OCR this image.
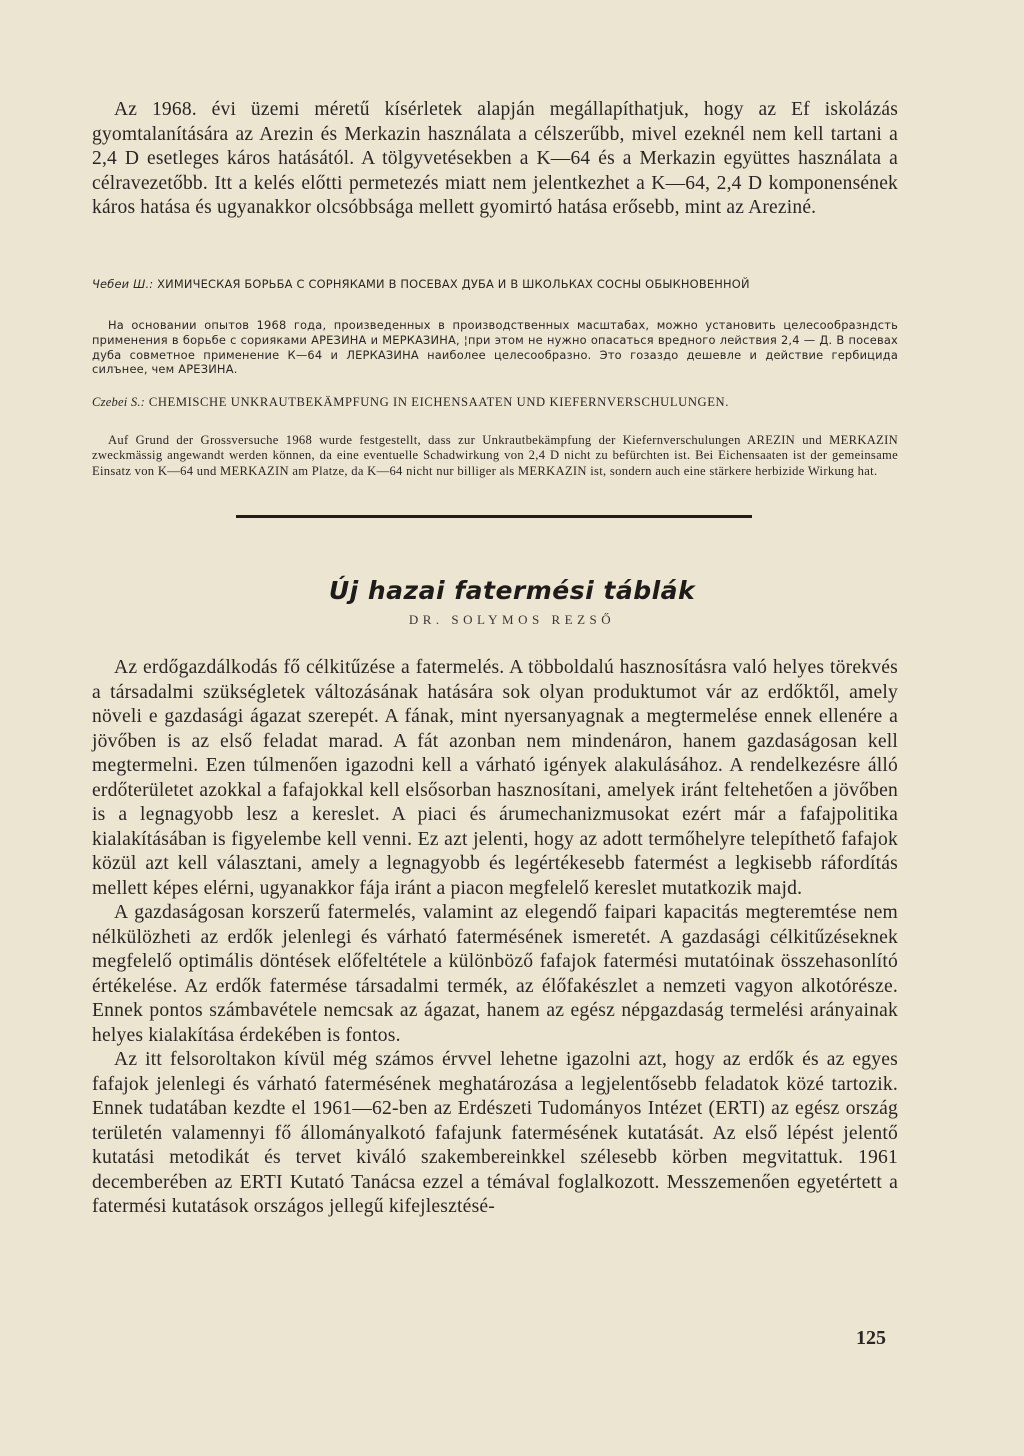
Az 1968. évi üzemi méretű kísérletek alapján megállapíthatjuk, hogy az Ef iskolázás gyomtalanítására az Arezin és Merkazin használata a célszerűbb, mivel ezeknél nem kell tartani a 2,4 D esetleges káros hatásától. A tölgyvetésekben a K—64 és a Merkazin együttes használata a célravezetőbb. Itt a kelés előtti permetezés miatt nem jelentkezhet a K—64, 2,4 D komponensének káros hatása és ugyanakkor olcsóbbsága mellett gyomirtó hatása erősebb, mint az Areziné.

Чебеи Ш.: ХИМИЧЕСКАЯ БОРЬБА С СОРНЯКАМИ В ПОСЕВАХ ДУБА И В ШКОЛЬКАХ СОСНЫ ОБЫКНОВЕННОЙ

На основании опытов 1968 года, произведенных в производственных масштабах, можно установить целесообразндсть пpименения в борьбе с сорияками АРЕЗИНА и МЕРКАЗИНА, ¦при этом не нужно опасаться вредного лействия 2,4 — Д. В посевах дуба совметное применение К—64 и ЛЕРКАЗИНА наиболее целесообразно. Это гозаздо дешевле и действие гербицида силънее, чем АРЕЗИНА.

Czebei S.: CHEMISCHE UNKRAUTBEKÄMPFUNG IN EICHENSAATEN UND KIEFERNVERSCHULUNGEN.

Auf Grund der Grossversuche 1968 wurde festgestellt, dass zur Unkrautbekämpfung der Kiefernverschulungen AREZIN und MERKAZIN zweckmässig angewandt werden können, da eine eventuelle Schadwirkung von 2,4 D nicht zu befürchten ist. Bei Eichensaaten ist der gemeinsame Einsatz von K—64 und MERKAZIN am Platze, da K—64 nicht nur billiger als MERKAZIN ist, sondern auch eine stärkere herbizide Wirkung hat.

Új hazai fatermési táblák
DR. SOLYMOS REZSŐ

Az erdőgazdálkodás fő célkitűzése a fatermelés. A többoldalú hasznosításra való helyes törekvés a társadalmi szükségletek változásának hatására sok olyan produktumot vár az erdőktől, amely növeli e gazdasági ágazat szerepét. A fának, mint nyersanyagnak a megtermelése ennek ellenére a jövőben is az első feladat marad. A fát azonban nem mindenáron, hanem gazdaságosan kell megtermelni. Ezen túlmenően igazodni kell a várható igények alakulásához. A rendelkezésre álló erdőterületet azokkal a fafajokkal kell elsősorban hasznosítani, amelyek iránt feltehetően a jövőben is a legnagyobb lesz a kereslet. A piaci és árumechanizmusokat ezért már a fafajpolitika kialakításában is figyelembe kell venni. Ez azt jelenti, hogy az adott termőhelyre telepíthető fafajok közül azt kell választani, amely a legnagyobb és legértékesebb fatermést a legkisebb ráfordítás mellett képes elérni, ugyanakkor fája iránt a piacon megfelelő kereslet mutatkozik majd.

A gazdaságosan korszerű fatermelés, valamint az elegendő faipari kapacitás megteremtése nem nélkülözheti az erdők jelenlegi és várható fatermésének ismeretét. A gazdasági célkitűzéseknek megfelelő optimális döntések előfeltétele a különböző fafajok fatermési mutatóinak összehasonlító értékelése. Az erdők fatermése társadalmi termék, az élőfakészlet a nemzeti vagyon alkotórésze. Ennek pontos számbavétele nemcsak az ágazat, hanem az egész népgazdaság termelési arányainak helyes kialakítása érdekében is fontos.

Az itt felsoroltakon kívül még számos érvvel lehetne igazolni azt, hogy az erdők és az egyes fafajok jelenlegi és várható fatermésének meghatározása a legjelentősebb feladatok közé tartozik. Ennek tudatában kezdte el 1961—62-ben az Erdészeti Tudományos Intézet (ERTI) az egész ország területén valamennyi fő állományalkotó fafajunk fatermésének kutatását. Az első lépést jelentő kutatási metodikát és tervet kiváló szakembereinkkel szélesebb körben megvitattuk. 1961 decemberében az ERTI Kutató Tanácsa ezzel a témával foglalkozott. Messzemenően egyetértett a fatermési kutatások országos jellegű kifejlesztésé-

125
